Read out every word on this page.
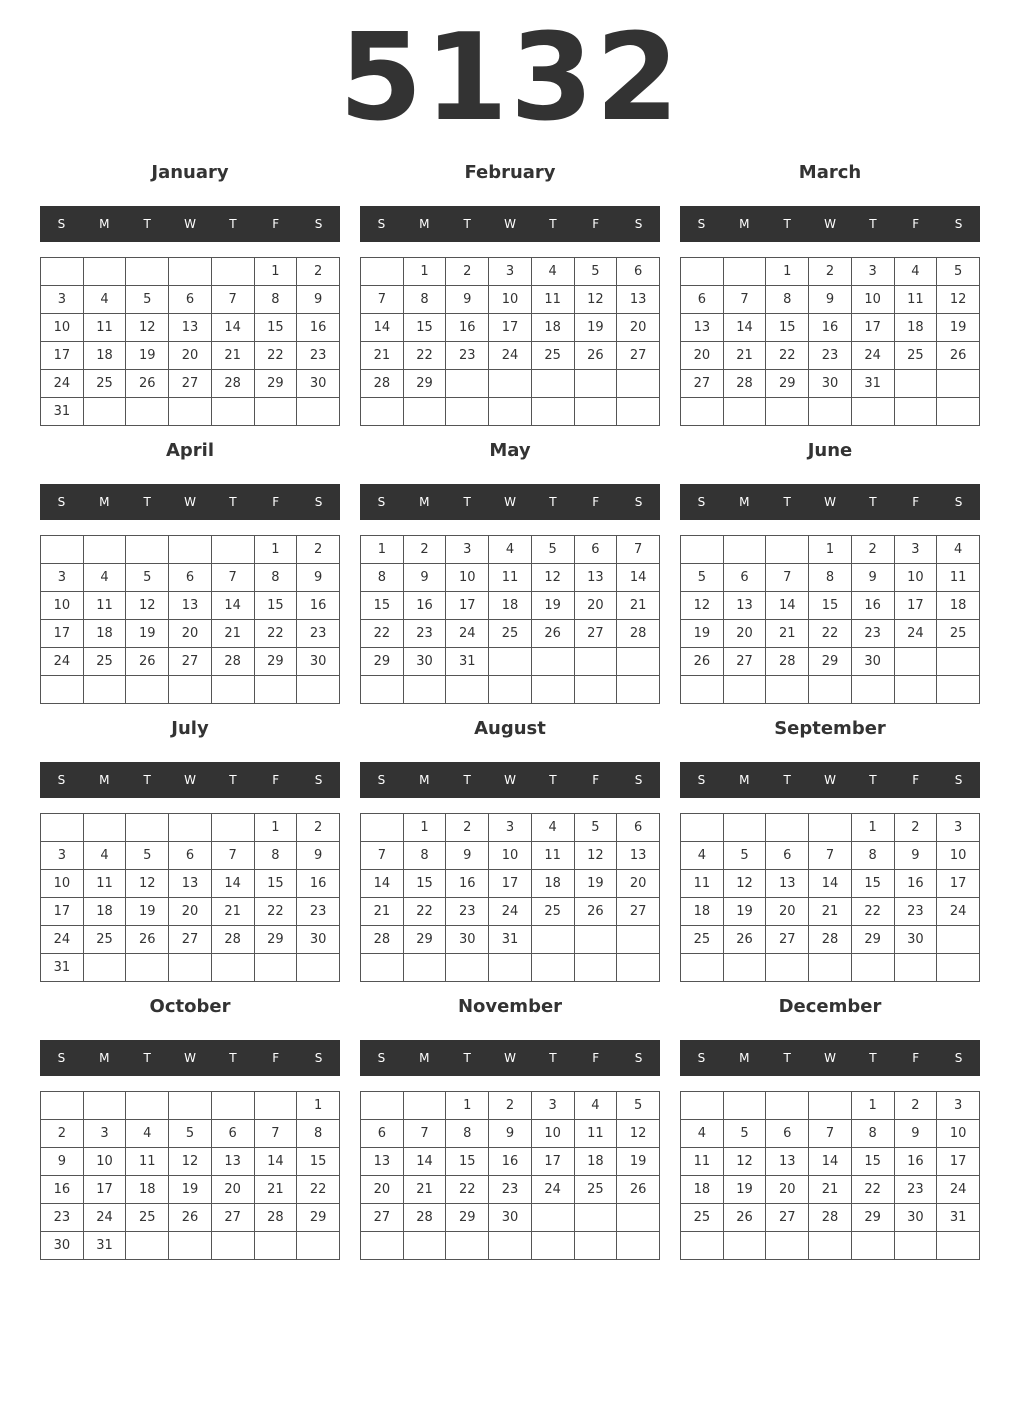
5132
January
S	M	T	W	T	F	S
					1	2
3	4	5	6	7	8	9
10	11	12	13	14	15	16
17	18	19	20	21	22	23
24	25	26	27	28	29	30
31						
February
S	M	T	W	T	F	S
	1	2	3	4	5	6
7	8	9	10	11	12	13
14	15	16	17	18	19	20
21	22	23	24	25	26	27
28	29					

March
S	M	T	W	T	F	S
		1	2	3	4	5
6	7	8	9	10	11	12
13	14	15	16	17	18	19
20	21	22	23	24	25	26
27	28	29	30	31		

April
S	M	T	W	T	F	S
					1	2
3	4	5	6	7	8	9
10	11	12	13	14	15	16
17	18	19	20	21	22	23
24	25	26	27	28	29	30

May
S	M	T	W	T	F	S
1	2	3	4	5	6	7
8	9	10	11	12	13	14
15	16	17	18	19	20	21
22	23	24	25	26	27	28
29	30	31				

June
S	M	T	W	T	F	S
			1	2	3	4
5	6	7	8	9	10	11
12	13	14	15	16	17	18
19	20	21	22	23	24	25
26	27	28	29	30		

July
S	M	T	W	T	F	S
					1	2
3	4	5	6	7	8	9
10	11	12	13	14	15	16
17	18	19	20	21	22	23
24	25	26	27	28	29	30
31						
August
S	M	T	W	T	F	S
	1	2	3	4	5	6
7	8	9	10	11	12	13
14	15	16	17	18	19	20
21	22	23	24	25	26	27
28	29	30	31			

September
S	M	T	W	T	F	S
				1	2	3
4	5	6	7	8	9	10
11	12	13	14	15	16	17
18	19	20	21	22	23	24
25	26	27	28	29	30	

October
S	M	T	W	T	F	S
						1
2	3	4	5	6	7	8
9	10	11	12	13	14	15
16	17	18	19	20	21	22
23	24	25	26	27	28	29
30	31					
November
S	M	T	W	T	F	S
		1	2	3	4	5
6	7	8	9	10	11	12
13	14	15	16	17	18	19
20	21	22	23	24	25	26
27	28	29	30			

December
S	M	T	W	T	F	S
				1	2	3
4	5	6	7	8	9	10
11	12	13	14	15	16	17
18	19	20	21	22	23	24
25	26	27	28	29	30	31
